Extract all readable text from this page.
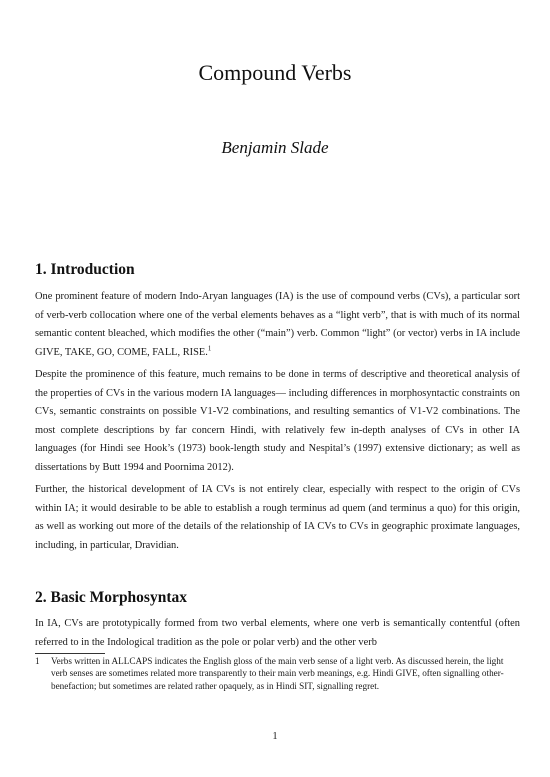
Compound Verbs
Benjamin Slade
1. Introduction

One prominent feature of modern Indo-Aryan languages (IA) is the use of compound verbs (CVs), a particular sort of verb-verb collocation where one of the verbal elements behaves as a “light verb”, that is with much of its normal semantic content bleached, which modifies the other (“main”) verb. Common “light” (or vector) verbs in IA include GIVE, TAKE, GO, COME, FALL, RISE.$^1$

Despite the prominence of this feature, much remains to be done in terms of descriptive and theoretical analysis of the properties of CVs in the various modern IA languages— including differences in morphosyntactic constraints on CVs, semantic constraints on possible V1-V2 combinations, and resulting semantics of V1-V2 combinations. The most complete descriptions by far concern Hindi, with relatively few in-depth analyses of CVs in other IA languages (for Hindi see Hook’s (1973) book-length study and Nespital’s (1997) extensive dictionary; as well as dissertations by Butt 1994 and Poornima 2012).

Further, the historical development of IA CVs is not entirely clear, especially with respect to the origin of CVs within IA; it would desirable to be able to establish a rough terminus ad quem (and terminus a quo) for this origin, as well as working out more of the details of the relationship of IA CVs to CVs in geographic proximate languages, including, in particular, Dravidian.

2. Basic Morphosyntax

In IA, CVs are prototypically formed from two verbal elements, where one verb is semantically contentful (often referred to in the Indological tradition as the pole or polar verb) and the other verb

1	Verbs written in ALLCAPS indicates the English gloss of the main verb sense of a light verb. As discussed herein, the light verb senses are sometimes related more transparently to their main verb meanings, e.g. Hindi GIVE, often signalling other-benefaction; but sometimes are related rather opaquely, as in Hindi SIT, signalling regret.
1
